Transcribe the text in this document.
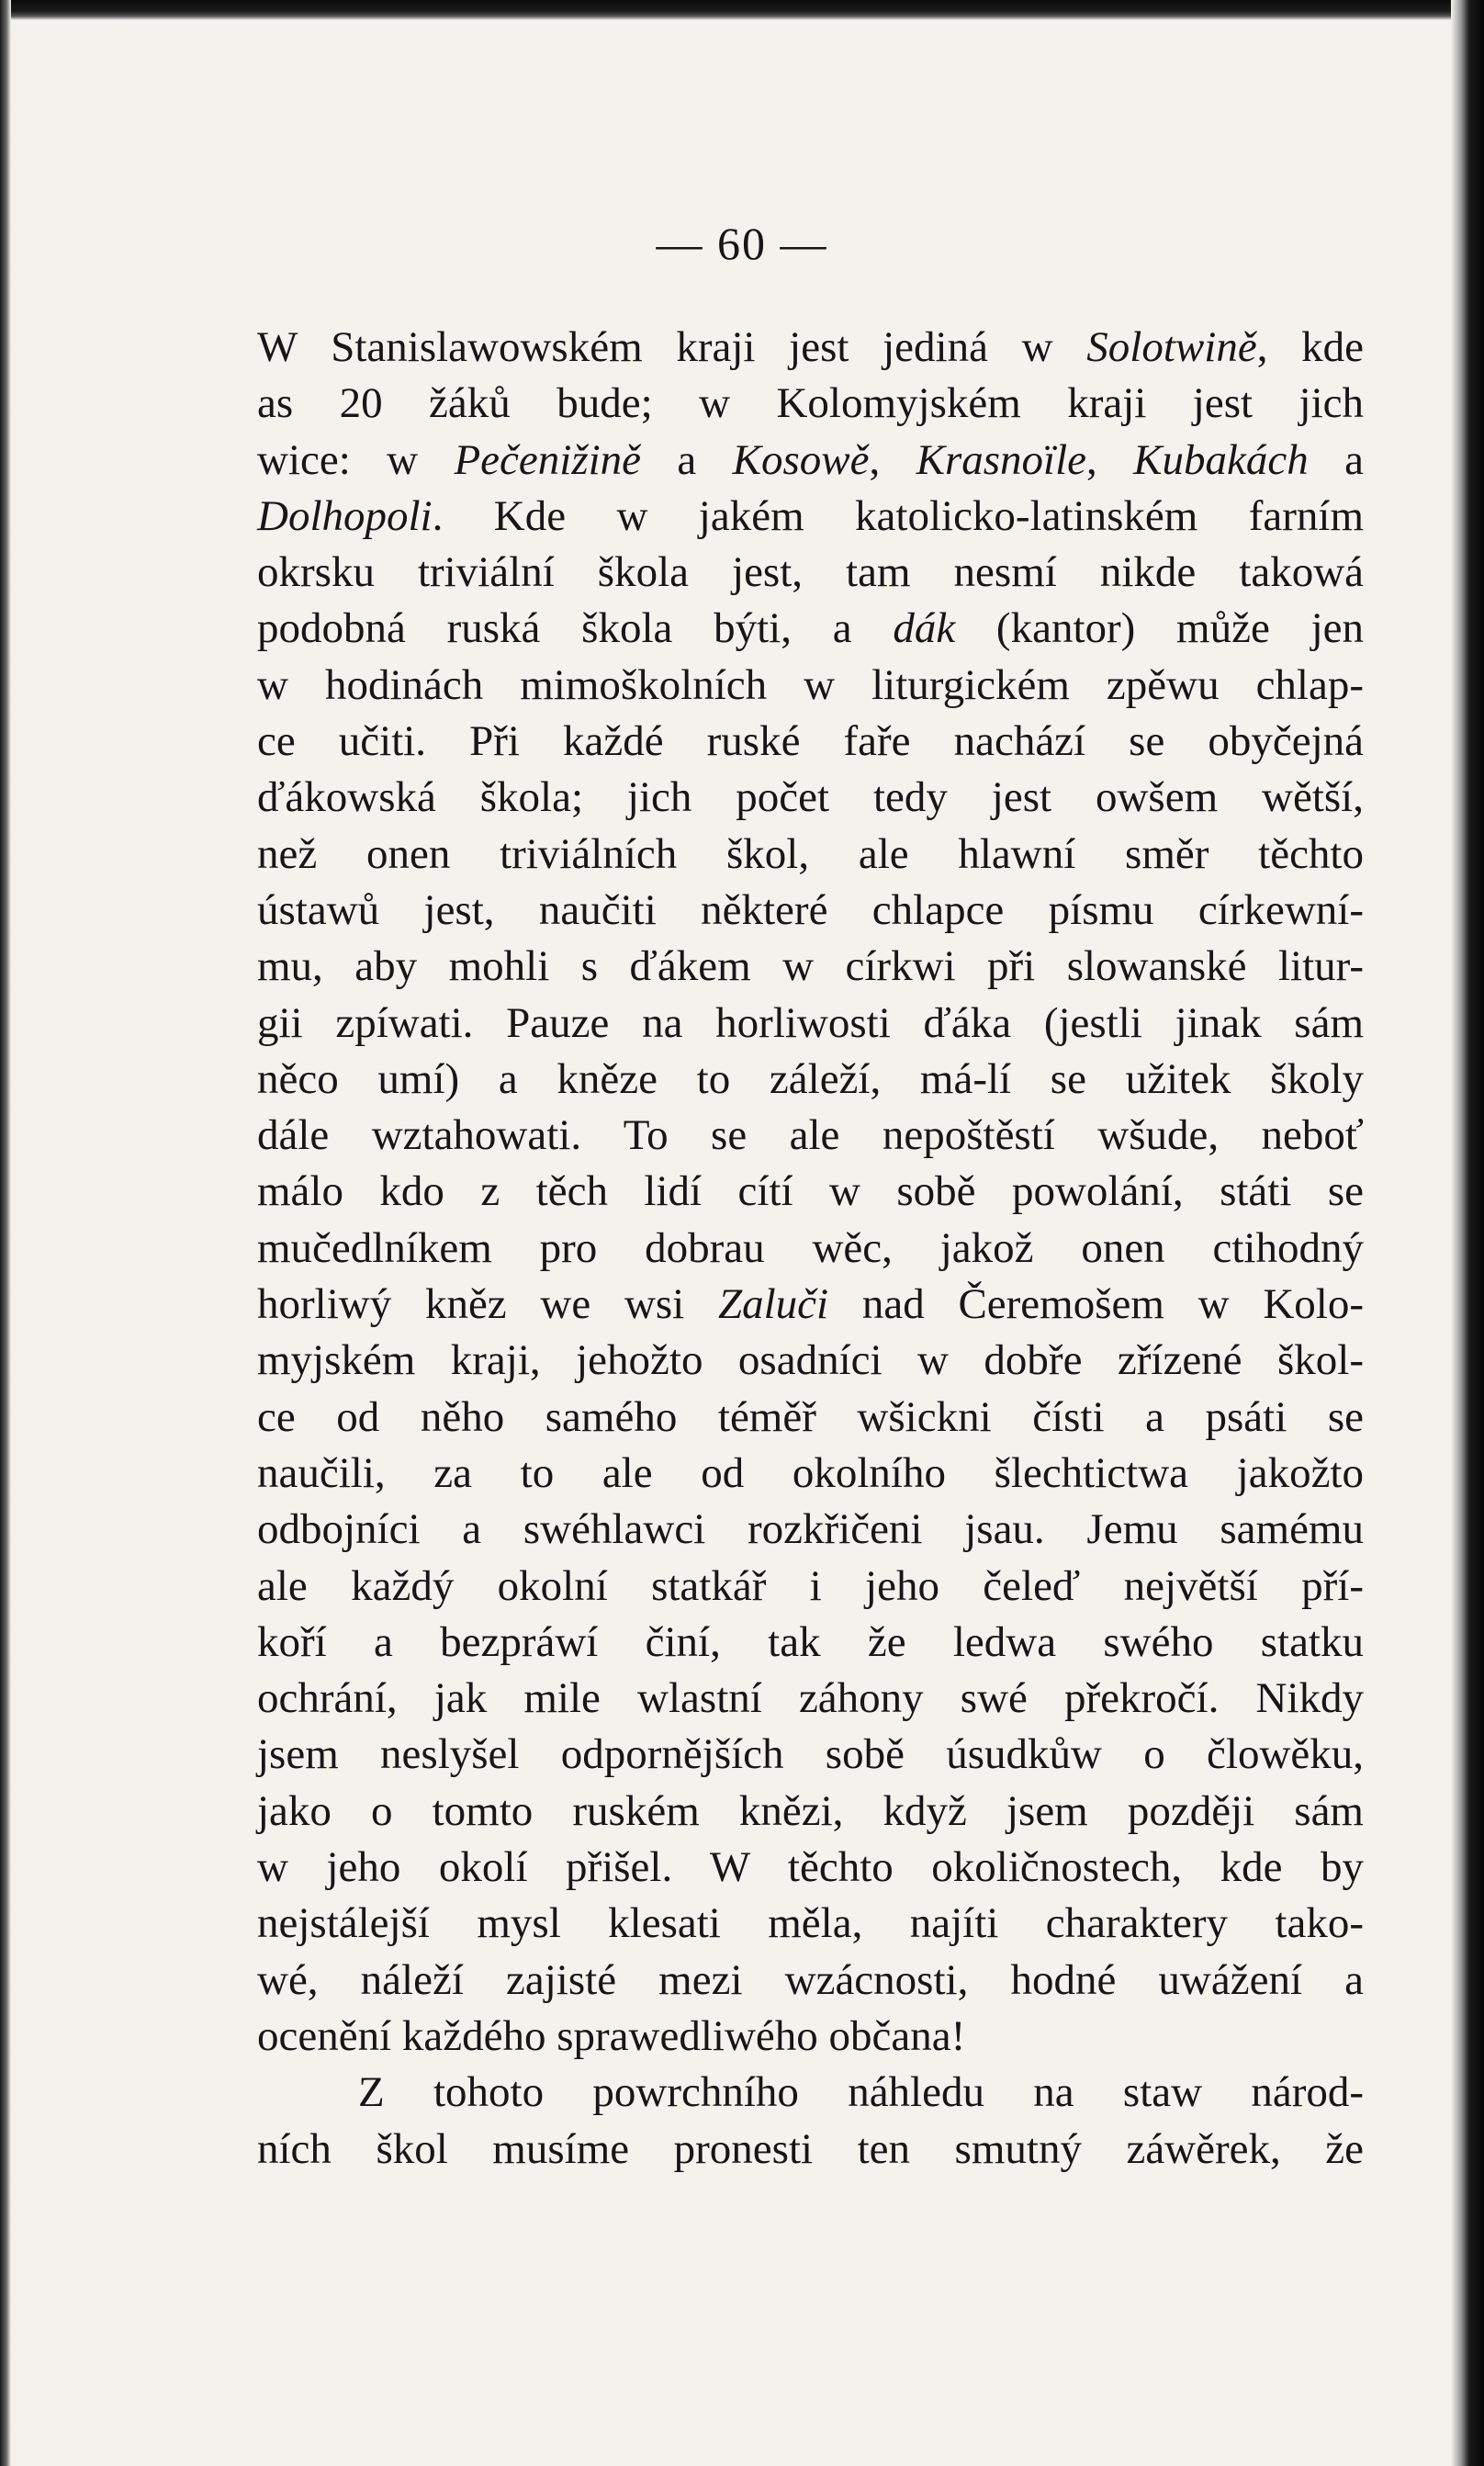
— 60 —
W Stanislawowském kraji jest jediná w Solotwině, kde
as 20 žáků bude; w Kolomyjském kraji jest jich
wice: w Pečenižině a Kosowě, Krasnoïle, Kubakách a
Dolhopoli. Kde w jakém katolicko-latinském farním
okrsku triviální škola jest, tam nesmí nikde takowá
podobná ruská škola býti, a dák (kantor) může jen
w hodinách mimoškolních w liturgickém zpěwu chlap-
ce učiti. Při každé ruské faře nachází se obyčejná
ďákowská škola; jich počet tedy jest owšem wětší,
než onen triviálních škol, ale hlawní směr těchto
ústawů jest, naučiti některé chlapce písmu církewní-
mu, aby mohli s ďákem w církwi při slowanské litur-
gii zpíwati. Pauze na horliwosti ďáka (jestli jinak sám
něco umí) a kněze to záleží, má-lí se užitek školy
dále wztahowati. To se ale nepoštěstí wšude, neboť
málo kdo z těch lidí cítí w sobě powolání, státi se
mučedlníkem pro dobrau wěc, jakož onen ctihodný
horliwý kněz we wsi Zaluči nad Čeremošem w Kolo-
myjském kraji, jehožto osadníci w dobře zřízené škol-
ce od něho samého téměř wšickni čísti a psáti se
naučili, za to ale od okolního šlechtictwa jakožto
odbojníci a swéhlawci rozkřičeni jsau. Jemu samému
ale každý okolní statkář i jeho čeleď největší pří-
koří a bezpráwí činí, tak že ledwa swého statku
ochrání, jak mile wlastní záhony swé překročí. Nikdy
jsem neslyšel odpornějších sobě úsudkůw o člowěku,
jako o tomto ruském knězi, když jsem později sám
w jeho okolí přišel. W těchto okoličnostech, kde by
nejstálejší mysl klesati měla, najíti charaktery tako-
wé, náleží zajisté mezi wzácnosti, hodné uwážení a
ocenění každého sprawedliwého občana!
Z tohoto powrchního náhledu na staw národ-
ních škol musíme pronesti ten smutný záwěrek, že
